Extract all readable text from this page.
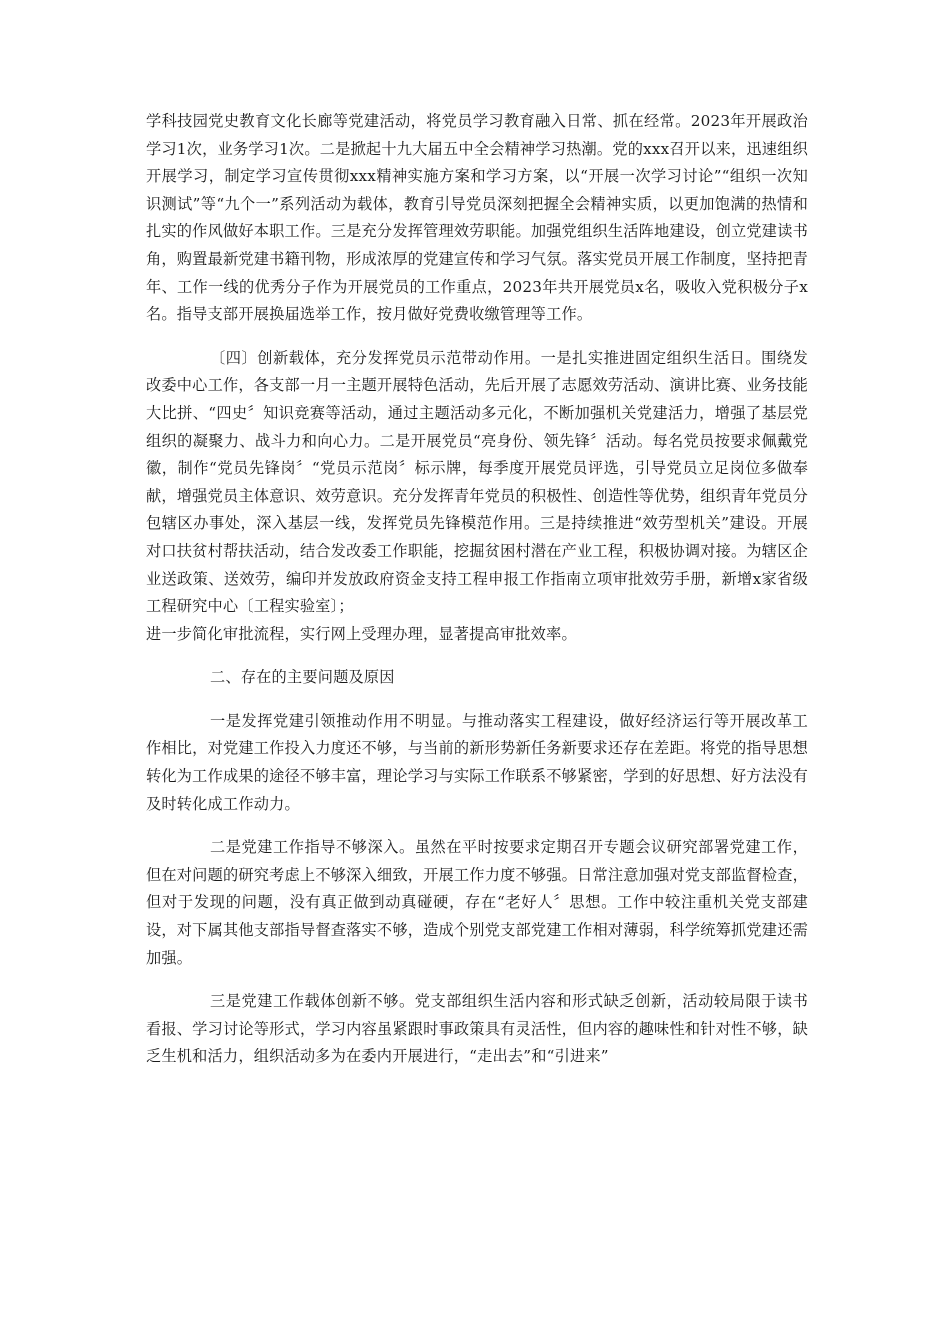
学科技园党史教育文化长廊等党建活动，将党员学习教育融入日常、抓在经常。2023年开展政治学习1次，业务学习1次。二是掀起十九大届五中全会精神学习热潮。党的xxx召开以来，迅速组织开展学习，制定学习宣传贯彻xxx精神实施方案和学习方案，以“开展一次学习讨论”“组织一次知识测试”等“九个一”系列活动为载体，教育引导党员深刻把握全会精神实质，以更加饱满的热情和扎实的作风做好本职工作。三是充分发挥管理效劳职能。加强党组织生活阵地建设，创立党建读书角，购置最新党建书籍刊物，形成浓厚的党建宣传和学习气氛。落实党员开展工作制度，坚持把青年、工作一线的优秀分子作为开展党员的工作重点，2023年共开展党员x名，吸收入党积极分子x名。指导支部开展换届选举工作，按月做好党费收缴管理等工作。

〔四〕创新载体，充分发挥党员示范带动作用。一是扎实推进固定组织生活日。围绕发改委中心工作，各支部一月一主题开展特色活动，先后开展了志愿效劳活动、演讲比赛、业务技能大比拼、“四史〞知识竞赛等活动，通过主题活动多元化，不断加强机关党建活力，增强了基层党组织的凝聚力、战斗力和向心力。二是开展党员“亮身份、领先锋〞活动。每名党员按要求佩戴党徽，制作“党员先锋岗〞“党员示范岗〞标示牌，每季度开展党员评选，引导党员立足岗位多做奉献，增强党员主体意识、效劳意识。充分发挥青年党员的积极性、创造性等优势，组织青年党员分包辖区办事处，深入基层一线，发挥党员先锋模范作用。三是持续推进“效劳型机关”建设。开展对口扶贫村帮扶活动，结合发改委工作职能，挖掘贫困村潜在产业工程，积极协调对接。为辖区企业送政策、送效劳，编印并发放政府资金支持工程申报工作指南立项审批效劳手册，新增x家省级工程研究中心〔工程实验室〕；

进一步简化审批流程，实行网上受理办理，显著提高审批效率。

二、存在的主要问题及原因

一是发挥党建引领推动作用不明显。与推动落实工程建设，做好经济运行等开展改革工作相比，对党建工作投入力度还不够，与当前的新形势新任务新要求还存在差距。将党的指导思想转化为工作成果的途径不够丰富，理论学习与实际工作联系不够紧密，学到的好思想、好方法没有及时转化成工作动力。

二是党建工作指导不够深入。虽然在平时按要求定期召开专题会议研究部署党建工作，但在对问题的研究考虑上不够深入细致，开展工作力度不够强。日常注意加强对党支部监督检查，但对于发现的问题，没有真正做到动真碰硬，存在“老好人〞思想。工作中较注重机关党支部建设，对下属其他支部指导督查落实不够，造成个别党支部党建工作相对薄弱，科学统筹抓党建还需加强。

三是党建工作载体创新不够。党支部组织生活内容和形式缺乏创新，活动较局限于读书看报、学习讨论等形式，学习内容虽紧跟时事政策具有灵活性，但内容的趣味性和针对性不够，缺乏生机和活力，组织活动多为在委内开展进行，“走出去”和“引进来”
